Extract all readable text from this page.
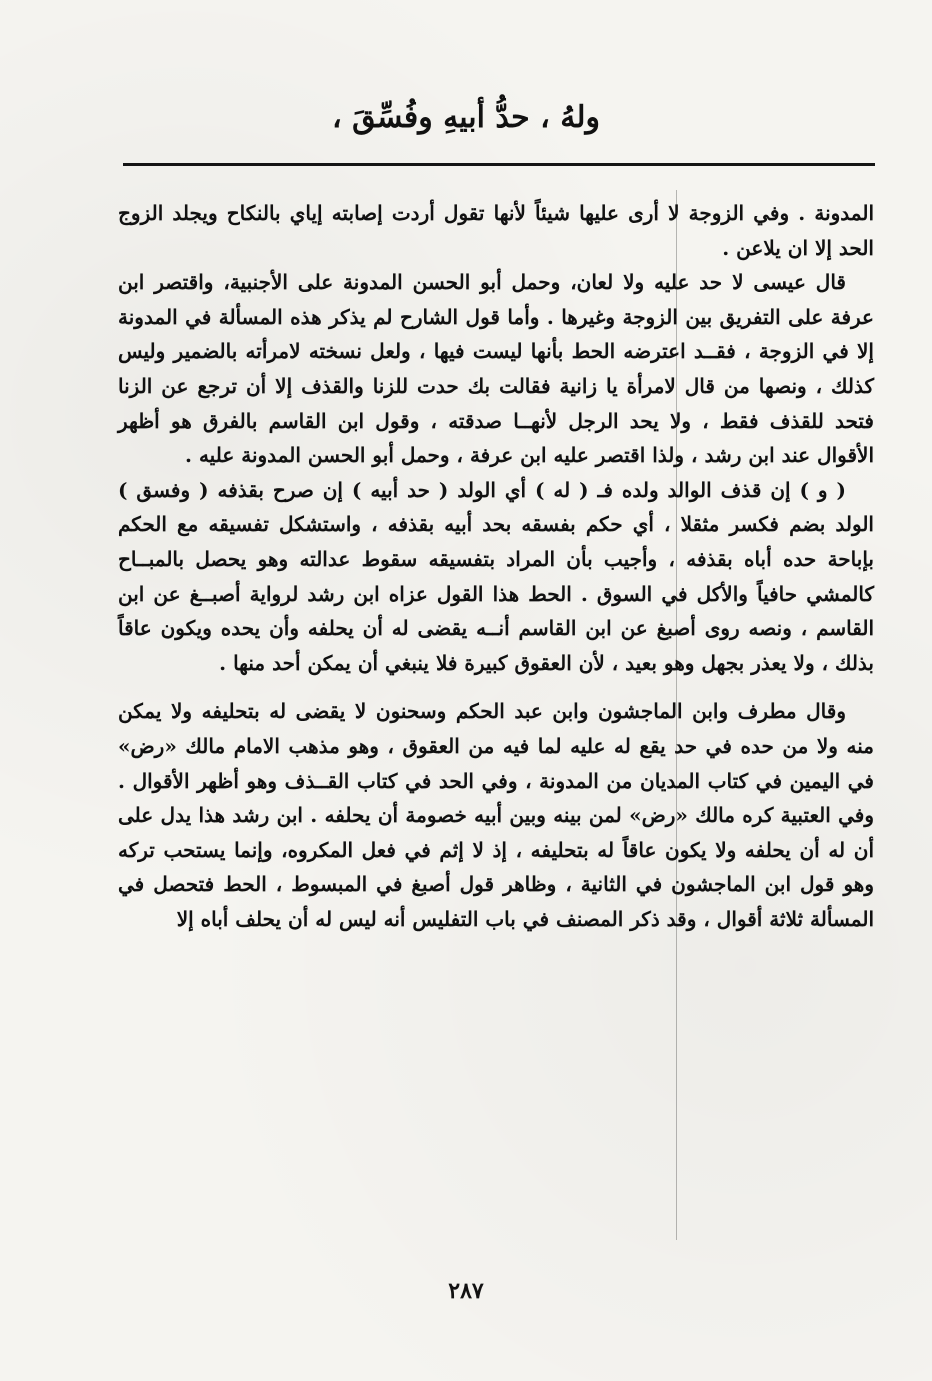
ولهُ ، حدُّ أبيهِ وفُسِّقَ ،

المدونة . وفي الزوجة لا أرى عليها شيئاً لأنها تقول أردت إصابته إياي بالنكاح ويجلد الزوج الحد إلا ان يلاعن .

قال عيسى لا حد عليه ولا لعان، وحمل أبو الحسن المدونة على الأجنبية، واقتصر ابن عرفة على التفريق بين الزوجة وغيرها . وأما قول الشارح لم يذكر هذه المسألة في المدونة إلا في الزوجة ، فقــد اعترضه الحط بأنها ليست فيها ، ولعل نسخته لامرأته بالضمير وليس كذلك ، ونصها من قال لامرأة يا زانية فقالت بك حدت للزنا والقذف إلا أن ترجع عن الزنا فتحد للقذف فقط ، ولا يحد الرجل لأنهــا صدقته ، وقول ابن القاسم بالفرق هو أظهر الأقوال عند ابن رشد ، ولذا اقتصر عليه ابن عرفة ، وحمل أبو الحسن المدونة عليه .

( و ) إن قذف الوالد ولده فـ ( له ) أي الولد ( حد أبيه ) إن صرح بقذفه ( وفسق ) الولد بضم فكسر مثقلا ، أي حكم بفسقه بحد أبيه بقذفه ، واستشكل تفسيقه مع الحكم بإباحة حده أباه بقذفه ، وأجيب بأن المراد بتفسيقه سقوط عدالته وهو يحصل بالمبــاح كالمشي حافياً والأكل في السوق . الحط هذا القول عزاه ابن رشد لرواية أصبــغ عن ابن القاسم ، ونصه روى أصبغ عن ابن القاسم أنــه يقضى له أن يحلفه وأن يحده ويكون عاقاً بذلك ، ولا يعذر بجهل وهو بعيد ، لأن العقوق كبيرة فلا ينبغي أن يمكن أحد منها .

وقال مطرف وابن الماجشون وابن عبد الحكم وسحنون لا يقضى له بتحليفه ولا يمكن منه ولا من حده في حد يقع له عليه لما فيه من العقوق ، وهو مذهب الامام مالك «رض» في اليمين في كتاب المديان من المدونة ، وفي الحد في كتاب القــذف وهو أظهر الأقوال . وفي العتبية كره مالك «رض» لمن بينه وبين أبيه خصومة أن يحلفه . ابن رشد هذا يدل على أن له أن يحلفه ولا يكون عاقاً له بتحليفه ، إذ لا إثم في فعل المكروه، وإنما يستحب تركه وهو قول ابن الماجشون في الثانية ، وظاهر قول أصبغ في المبسوط ، الحط فتحصل في المسألة ثلاثة أقوال ، وقد ذكر المصنف في باب التفليس أنه ليس له أن يحلف أباه إلا

٢٨٧
